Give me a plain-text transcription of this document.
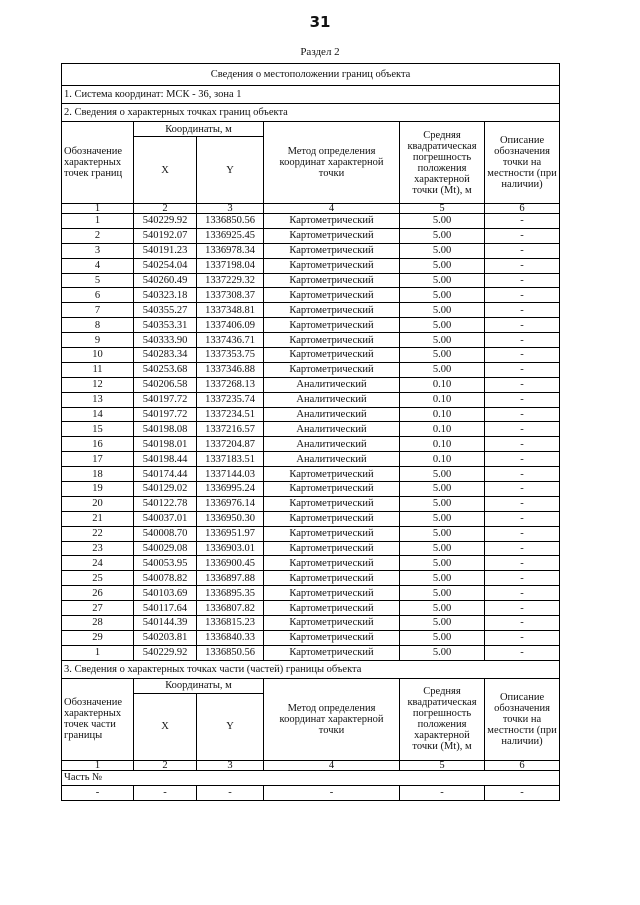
31
Раздел 2
Сведения о местоположении границ объекта					
1. Система координат: МСК - 36, зона 1					
2. Сведения о характерных точках границ объекта					
Обозначение характерных точек границ	Координаты, м		Метод определения координат характерной точки	Средняя квадратическая погрешность положения характерной точки (Mt), м	Описание обозначения точки на местности (при наличии)
	X	Y			
1	2	3	4	5	6
1	540229.92	1336850.56	Картометрический	5.00	-
2	540192.07	1336925.45	Картометрический	5.00	-
3	540191.23	1336978.34	Картометрический	5.00	-
4	540254.04	1337198.04	Картометрический	5.00	-
5	540260.49	1337229.32	Картометрический	5.00	-
6	540323.18	1337308.37	Картометрический	5.00	-
7	540355.27	1337348.81	Картометрический	5.00	-
8	540353.31	1337406.09	Картометрический	5.00	-
9	540333.90	1337436.71	Картометрический	5.00	-
10	540283.34	1337353.75	Картометрический	5.00	-
11	540253.68	1337346.88	Картометрический	5.00	-
12	540206.58	1337268.13	Аналитический	0.10	-
13	540197.72	1337235.74	Аналитический	0.10	-
14	540197.72	1337234.51	Аналитический	0.10	-
15	540198.08	1337216.57	Аналитический	0.10	-
16	540198.01	1337204.87	Аналитический	0.10	-
17	540198.44	1337183.51	Аналитический	0.10	-
18	540174.44	1337144.03	Картометрический	5.00	-
19	540129.02	1336995.24	Картометрический	5.00	-
20	540122.78	1336976.14	Картометрический	5.00	-
21	540037.01	1336950.30	Картометрический	5.00	-
22	540008.70	1336951.97	Картометрический	5.00	-
23	540029.08	1336903.01	Картометрический	5.00	-
24	540053.95	1336900.45	Картометрический	5.00	-
25	540078.82	1336897.88	Картометрический	5.00	-
26	540103.69	1336895.35	Картометрический	5.00	-
27	540117.64	1336807.82	Картометрический	5.00	-
28	540144.39	1336815.23	Картометрический	5.00	-
29	540203.81	1336840.33	Картометрический	5.00	-
1	540229.92	1336850.56	Картометрический	5.00	-
3. Сведения о характерных точках части (частей) границы объекта					
Обозначение характерных точек части границы	Координаты, м		Метод определения координат характерной точки	Средняя квадратическая погрешность положения характерной точки (Mt), м	Описание обозначения точки на местности (при наличии)
	X	Y			
1	2	3	4	5	6
Часть №					
-	-	-	-	-	-
